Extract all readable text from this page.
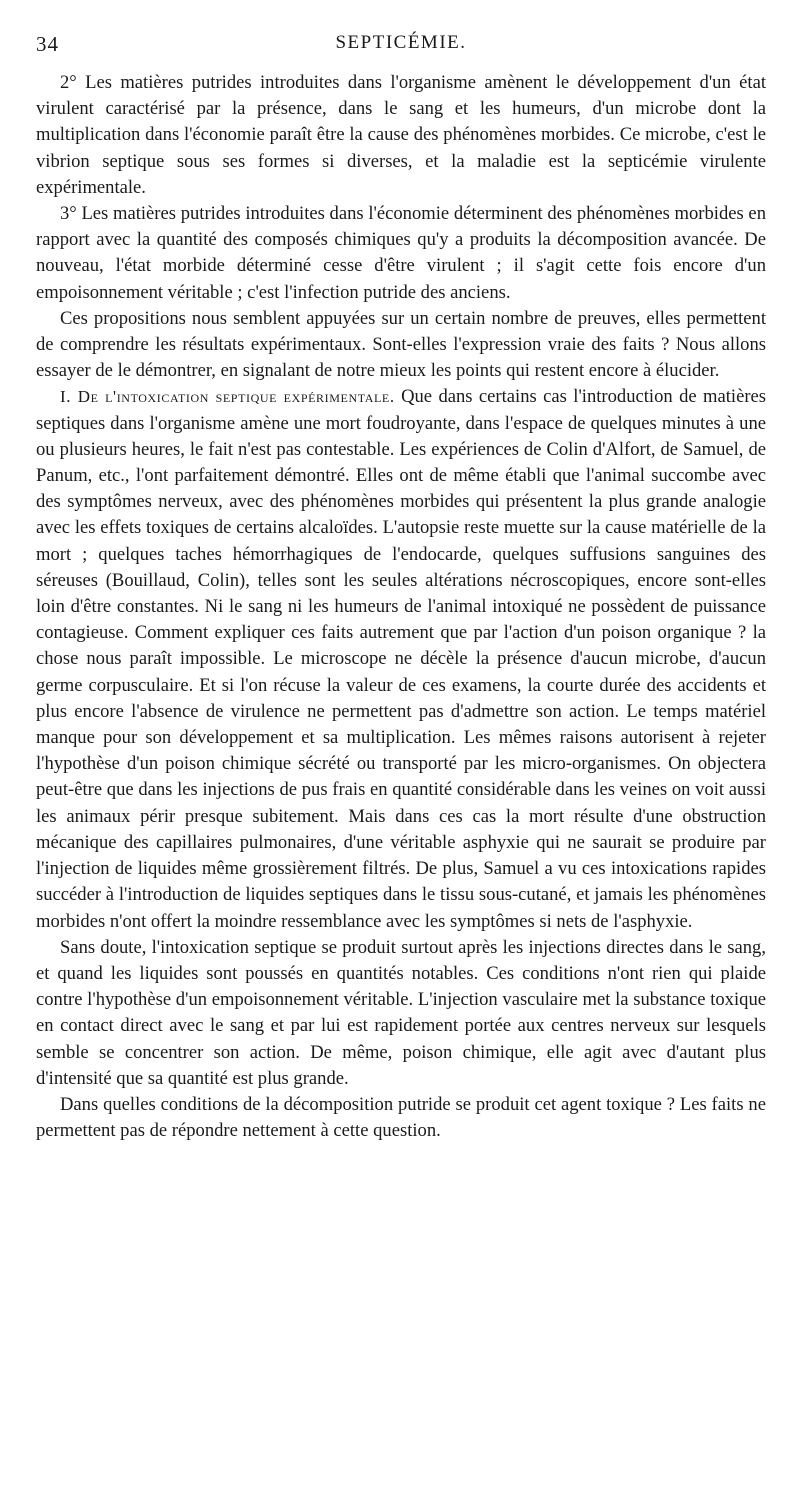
34	SEPTICÉMIE.

2° Les matières putrides introduites dans l'organisme amènent le développement d'un état virulent caractérisé par la présence, dans le sang et les humeurs, d'un microbe dont la multiplication dans l'économie paraît être la cause des phénomènes morbides. Ce microbe, c'est le vibrion septique sous ses formes si diverses, et la maladie est la septicémie virulente expérimentale.

3° Les matières putrides introduites dans l'économie déterminent des phénomènes morbides en rapport avec la quantité des composés chimiques qu'y a produits la décomposition avancée. De nouveau, l'état morbide déterminé cesse d'être virulent ; il s'agit cette fois encore d'un empoisonnement véritable ; c'est l'infection putride des anciens.

Ces propositions nous semblent appuyées sur un certain nombre de preuves, elles permettent de comprendre les résultats expérimentaux. Sont-elles l'expression vraie des faits ? Nous allons essayer de le démontrer, en signalant de notre mieux les points qui restent encore à élucider.

I. De l'intoxication septique expérimentale. Que dans certains cas l'introduction de matières septiques dans l'organisme amène une mort foudroyante, dans l'espace de quelques minutes à une ou plusieurs heures, le fait n'est pas contestable. Les expériences de Colin d'Alfort, de Samuel, de Panum, etc., l'ont parfaitement démontré. Elles ont de même établi que l'animal succombe avec des symptômes nerveux, avec des phénomènes morbides qui présentent la plus grande analogie avec les effets toxiques de certains alcaloïdes. L'autopsie reste muette sur la cause matérielle de la mort ; quelques taches hémorrhagiques de l'endocarde, quelques suffusions sanguines des séreuses (Bouillaud, Colin), telles sont les seules altérations nécroscopiques, encore sont-elles loin d'être constantes. Ni le sang ni les humeurs de l'animal intoxiqué ne possèdent de puissance contagieuse. Comment expliquer ces faits autrement que par l'action d'un poison organique ? la chose nous paraît impossible. Le microscope ne décèle la présence d'aucun microbe, d'aucun germe corpusculaire. Et si l'on récuse la valeur de ces examens, la courte durée des accidents et plus encore l'absence de virulence ne permettent pas d'admettre son action. Le temps matériel manque pour son développement et sa multiplication. Les mêmes raisons autorisent à rejeter l'hypothèse d'un poison chimique sécrété ou transporté par les micro-organismes. On objectera peut-être que dans les injections de pus frais en quantité considérable dans les veines on voit aussi les animaux périr presque subitement. Mais dans ces cas la mort résulte d'une obstruction mécanique des capillaires pulmonaires, d'une véritable asphyxie qui ne saurait se produire par l'injection de liquides même grossièrement filtrés. De plus, Samuel a vu ces intoxications rapides succéder à l'introduction de liquides septiques dans le tissu sous-cutané, et jamais les phénomènes morbides n'ont offert la moindre ressemblance avec les symptômes si nets de l'asphyxie.

Sans doute, l'intoxication septique se produit surtout après les injections directes dans le sang, et quand les liquides sont poussés en quantités notables. Ces conditions n'ont rien qui plaide contre l'hypothèse d'un empoisonnement véritable. L'injection vasculaire met la substance toxique en contact direct avec le sang et par lui est rapidement portée aux centres nerveux sur lesquels semble se concentrer son action. De même, poison chimique, elle agit avec d'autant plus d'intensité que sa quantité est plus grande.

Dans quelles conditions de la décomposition putride se produit cet agent toxique ? Les faits ne permettent pas de répondre nettement à cette question.
